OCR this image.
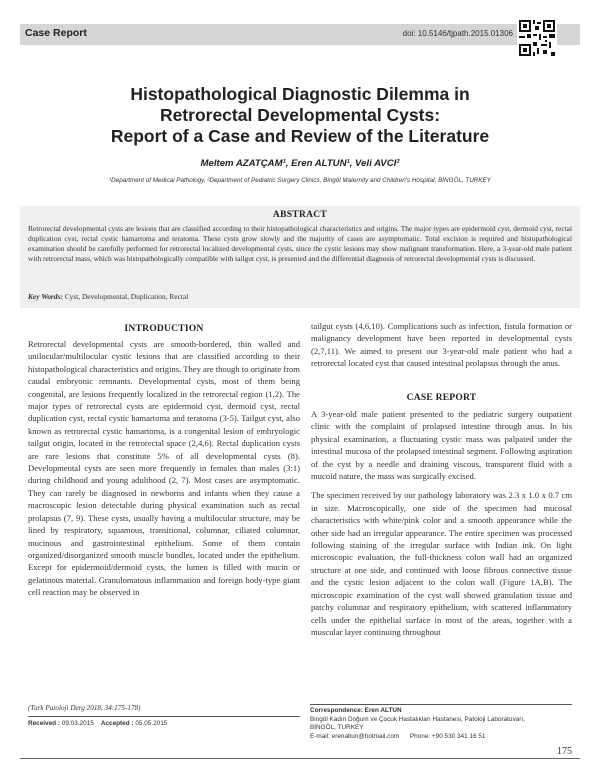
Case Report	doi: 10.5146/tjpath.2015.01306
Histopathological Diagnostic Dilemma in
Retrorectal Developmental Cysts:
Report of a Case and Review of the Literature
Meltem AZATÇAM¹, Eren ALTUN¹, Veli AVCI²
¹Department of Medical Pathology, ²Department of Pediatric Surgery Clinics, Bingöl Maternity and Children's Hospital, BİNGÖL, TURKEY
ABSTRACT

Retrorectal developmental cysts are lesions that are classified according to their histopathological characteristics and origins. The major types are epidermoid cyst, dermoid cyst, rectal duplication cyst, rectal cystic hamartoma and teratoma. These cysts grow slowly and the majority of cases are asymptomatic. Total excision is required and histopathological examination should be carefully performed for retrorectal localized developmental cysts, since the cystic lesions may show malignant transformation. Here, a 3-year-old male patient with retrorectal mass, which was histopathologically compatible with tailgut cyst, is presented and the differential diagnosis of retrorectal developmental cysts is discussed.

Key Words: Cyst, Developmental, Duplication, Rectal
INTRODUCTION

Retrorectal developmental cysts are smooth-bordered, thin walled and unilocular/multilocular cystic lesions that are classified according to their histopathological characteristics and origins. They are though to originate from caudal embryonic remnants. Developmental cysts, most of them being congenital, are lesions frequently localized in the retrorectal region (1,2). The major types of retrorectal cysts are epidermoid cyst, dermoid cyst, rectal duplication cyst, rectal cystic hamartoma and teratoma (3-5). Tailgut cyst, also known as retrorectal cystic hamartoma, is a congenital lesion of embryologic tailgut origin, located in the retrorectal space (2,4,6). Rectal duplication cysts are rare lesions that constitute 5% of all developmental cysts (8). Developmental cysts are seen more frequently in females than males (3:1) during childhood and young adulthood (2, 7). Most cases are asymptomatic. They can rarely be diagnosed in newborns and infants when they cause a macroscopic lesion detectable during physical examination such as rectal prolapsus (7, 9). These cysts, usually having a multilocular structure, may be lined by respiratory, squamous, transitional, columnar, ciliated columnar, mucinous and gastrointestinal epithelium. Some of them contain organized/disorganized smooth muscle bundles, located under the epithelium. Except for epidermoid/dermoid cysts, the lumen is filled with mucin or gelatinous material. Granulomatous inflammation and foreign body-type giant cell reaction may be observed in

tailgut cysts (4,6,10). Complications such as infection, fistula formation or malignancy development have been reported in developmental cysts (2,7,11). We aimed to present our 3-year-old male patient who had a retrorectal located cyst that caused intestinal prolapsus through the anus.

CASE REPORT

A 3-year-old male patient presented to the pediatric surgery outpatient clinic with the complaint of prolapsed intestine through anus. In his physical examination, a fluctuating cystic mass was palpated under the intestinal mucosa of the prolapsed intestinal segment. Following aspiration of the cyst by a needle and draining viscous, transparent fluid with a mucoid nature, the mass was surgically excised.

The specimen received by our pathology laboratory was 2.3 x 1.0 x 0.7 cm in size. Macroscopically, one side of the specimen had mucosal characteristics with white/pink color and a smooth appearance while the other side had an irregular appearance. The entire specimen was processed following staining of the irregular surface with Indian ink. On light microscopic evaluation, the full-thickness colon wall had an organized structure at one side, and continued with loose fibrous connective tissue and the cystic lesion adjacent to the colon wall (Figure 1A,B). The microscopic examination of the cyst wall showed granulation tissue and patchy columnar and respiratory epithelium, with scattered inflammatory cells under the epithelial surface in most of the areas, together with a muscular layer continuing throughout

(Turk Patoloji Derg 2018, 34:175-178)
Received : 09.03.2015 Accepted : 05.05.2015
Correspondence: Eren ALTUN
Bingöl Kadın Doğum ve Çocuk Hastalıkları Hastanesi, Patoloji Laboratuvarı,
BİNGÖL, TURKEY
E-mail: erenaltun@hotmail.com      Phone: +90 530 341 16 51
175
